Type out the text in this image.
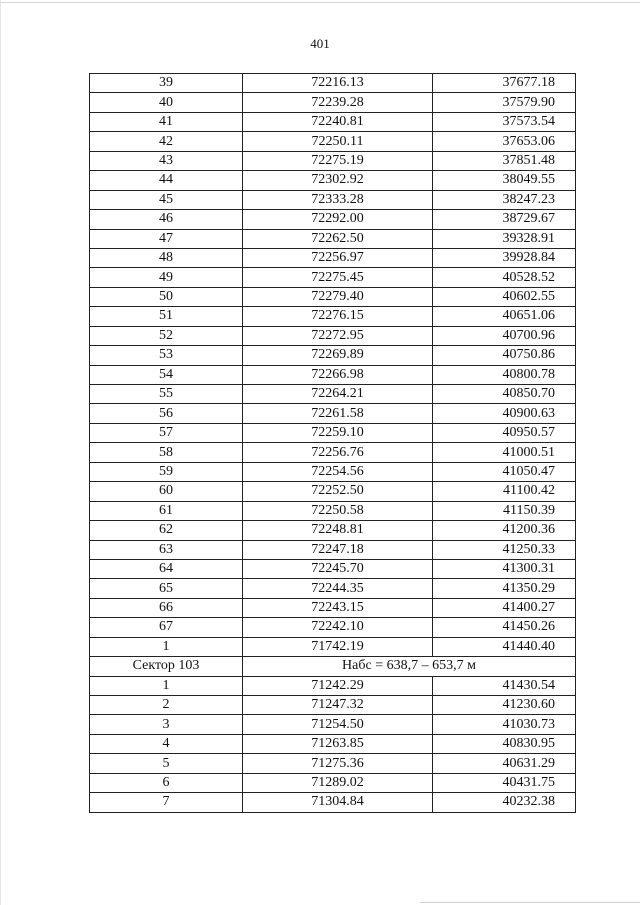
401
39	72216.13	37677.18
40	72239.28	37579.90
41	72240.81	37573.54
42	72250.11	37653.06
43	72275.19	37851.48
44	72302.92	38049.55
45	72333.28	38247.23
46	72292.00	38729.67
47	72262.50	39328.91
48	72256.97	39928.84
49	72275.45	40528.52
50	72279.40	40602.55
51	72276.15	40651.06
52	72272.95	40700.96
53	72269.89	40750.86
54	72266.98	40800.78
55	72264.21	40850.70
56	72261.58	40900.63
57	72259.10	40950.57
58	72256.76	41000.51
59	72254.56	41050.47
60	72252.50	41100.42
61	72250.58	41150.39
62	72248.81	41200.36
63	72247.18	41250.33
64	72245.70	41300.31
65	72244.35	41350.29
66	72243.15	41400.27
67	72242.10	41450.26
1	71742.19	41440.40
Сектор 103	Набс = 638,7 – 653,7 м	
1	71242.29	41430.54
2	71247.32	41230.60
3	71254.50	41030.73
4	71263.85	40830.95
5	71275.36	40631.29
6	71289.02	40431.75
7	71304.84	40232.38
